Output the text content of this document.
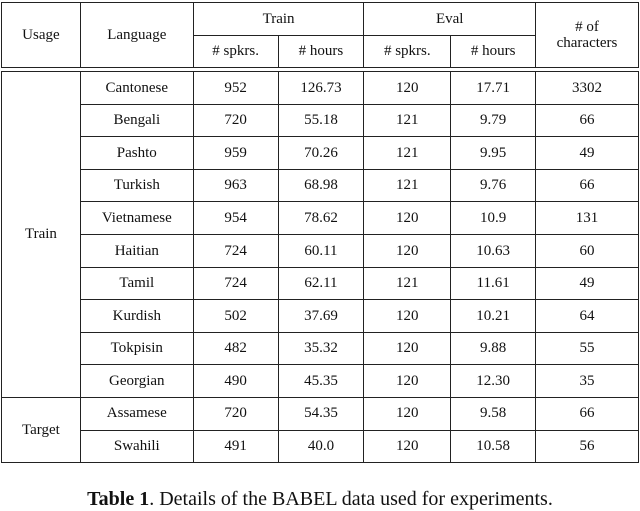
Usage	Language	Train		Eval		# of characters
		# spkrs.	# hours	# spkrs.	# hours	

Train	Cantonese	952	126.73	120	17.71	3302
	Bengali	720	55.18	121	9.79	66
	Pashto	959	70.26	121	9.95	49
	Turkish	963	68.98	121	9.76	66
	Vietnamese	954	78.62	120	10.9	131
	Haitian	724	60.11	120	10.63	60
	Tamil	724	62.11	121	11.61	49
	Kurdish	502	37.69	120	10.21	64
	Tokpisin	482	35.32	120	9.88	55
	Georgian	490	45.35	120	12.30	35
Target	Assamese	720	54.35	120	9.58	66
	Swahili	491	40.0	120	10.58	56
Table 1. Details of the BABEL data used for experiments.
